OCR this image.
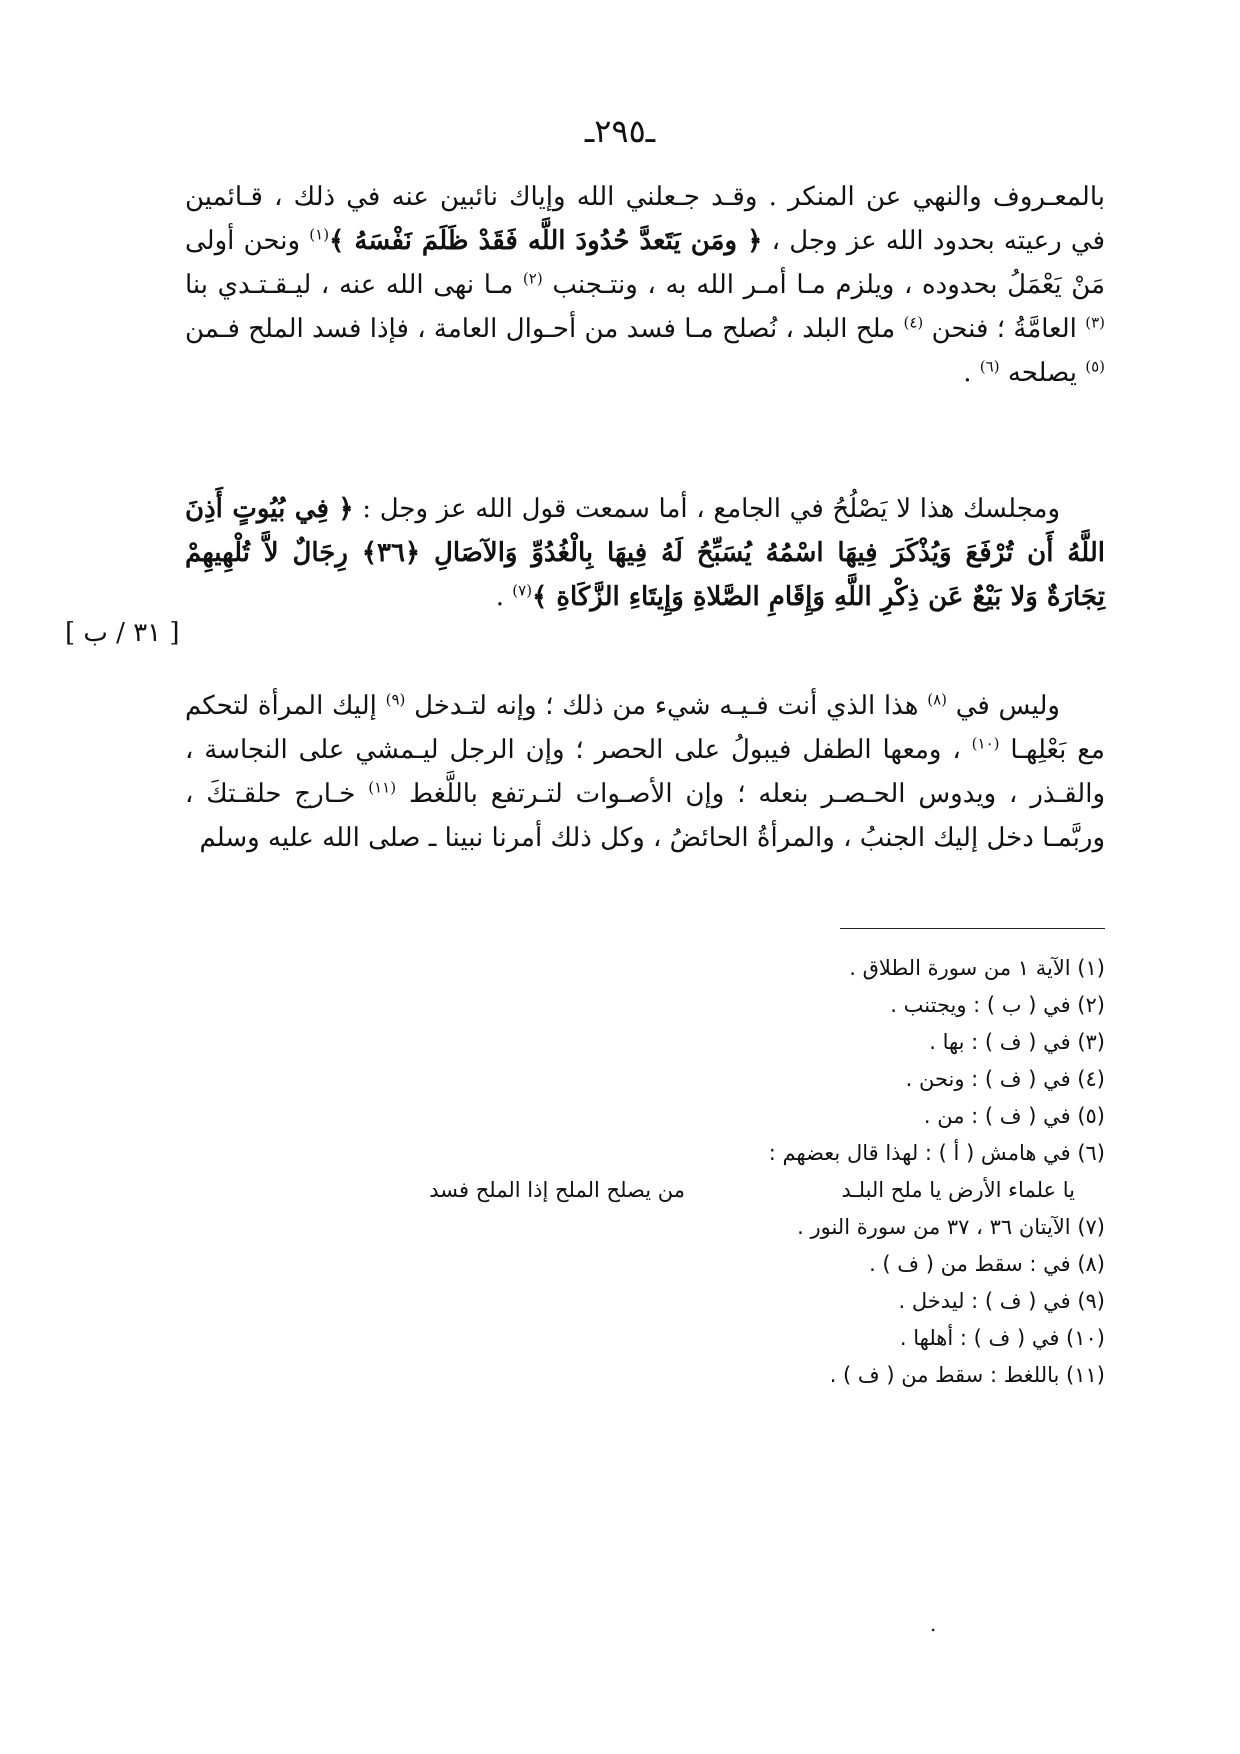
ـ٢٩٥ـ

بالمعـروف والنهي عن المنكر . وقـد جـعلني الله وإياك نائبين عنه في ذلك ، قـائمين في رعيته بحدود الله عز وجل ، ﴿ ومَن يَتَعدَّ حُدُودَ اللَّه فَقَدْ ظَلَمَ نَفْسَهُ ﴾$^{(١)}$ ونحن أولى مَنْ يَعْمَلُ بحدوده ، ويلزم مـا أمـر الله به ، ونتـجنب $^{(٢)}$ مـا نهى الله عنه ، ليـقـتـدي بنا $^{(٣)}$ العامَّةُ ؛ فنحن $^{(٤)}$ ملح البلد ، نُصلح مـا فسد من أحـوال العامة ، فإذا فسد الملح فـمن $^{(٥)}$ يصلحه $^{(٦)}$ .

ومجلسك هذا لا يَصْلُحُ في الجامع ، أما سمعت قول الله عز وجل : ﴿ فِي بُيُوتٍ أَذِنَ اللَّهُ أَن تُرْفَعَ وَيُذْكَرَ فِيهَا اسْمُهُ يُسَبِّحُ لَهُ فِيهَا بِالْغُدُوِّ وَالآصَالِ ﴿٣٦﴾ رِجَالٌ لاَّ تُلْهِيهِمْ تِجَارَةٌ وَلا بَيْعٌ عَن ذِكْرِ اللَّهِ وَإِقَامِ الصَّلاةِ وَإِيتَاءِ الزَّكَاةِ ﴾$^{(٧)}$ .

[ ٣١ / ب ]

وليس في $^{(٨)}$ هذا الذي أنت فـيـه شيء من ذلك ؛ وإنه لتـدخل $^{(٩)}$ إليك المرأة لتحكم مع بَعْلِهـا $^{(١٠)}$ ، ومعها الطفل فيبولُ على الحصر ؛ وإن الرجل ليـمشي على النجاسة ، والقـذر ، ويدوس الحـصـر بنعله ؛ وإن الأصـوات لتـرتفع باللَّغط $^{(١١)}$ خـارج حلقـتكَ ، وربَّمـا دخل إليك الجنبُ ، والمرأةُ الحائضُ ، وكل ذلك أمرنا نبينا ـ صلى الله عليه وسلم

(١) الآية ١ من سورة الطلاق .

(٢) في ( ب ) : ويجتنب .

(٣) في ( ف ) : بها .

(٤) في ( ف ) : ونحن .

(٥) في ( ف ) : من .

(٦) في هامش ( أ ) : لهذا قال بعضهم :

يا علماء الأرض يا ملح البلـد
من يصلح الملح إذا الملح فسد

(٧) الآيتان ٣٦ ، ٣٧ من سورة النور .

(٨) في : سقط من ( ف ) .

(٩) في ( ف ) : ليدخل .

(١٠) في ( ف ) : أهلها .

(١١) باللغط : سقط من ( ف ) .

.
